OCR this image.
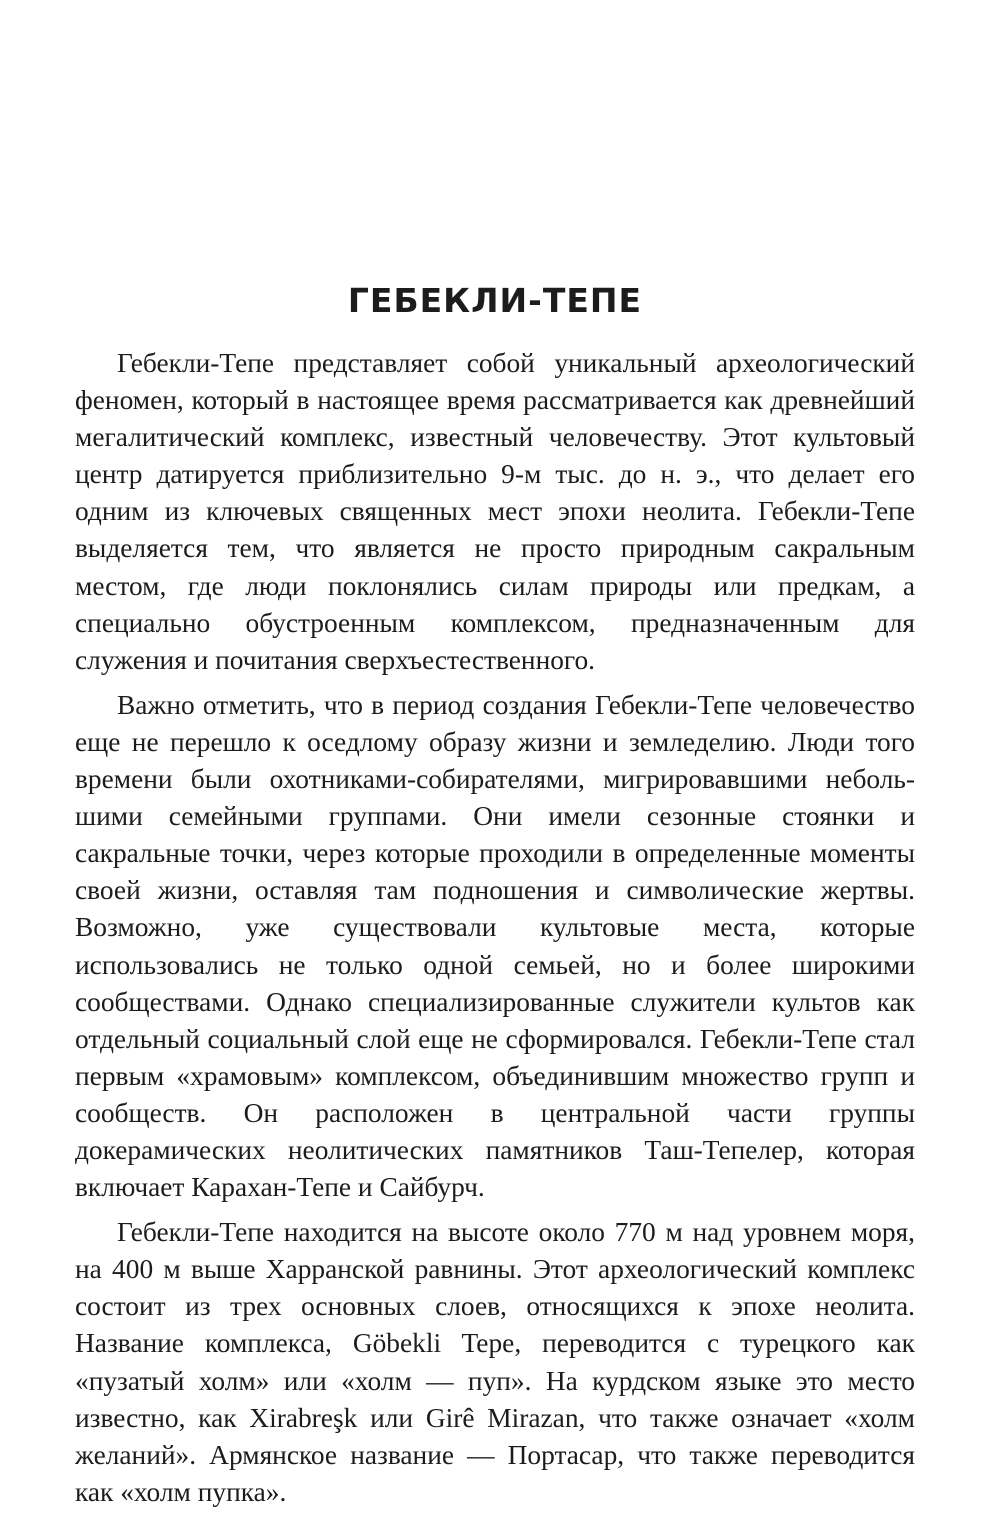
ГЕБЕКЛИ-ТЕПЕ

Гебекли-Тепе представляет собой уникальный археологический феномен, который в настоящее время рассматривается как древнейший мегалитический комплекс, известный человечеству. Этот культовый центр датируется приблизительно 9-м тыс. до н. э., что делает его одним из ключевых священных мест эпохи неолита. Гебекли-Тепе выделяется тем, что является не просто природным сакральным местом, где люди поклонялись силам природы или предкам, а специально обустроенным комплексом, предназначенным для служения и почитания сверхъестественного.

Важно отметить, что в период создания Гебекли-Тепе человечество еще не перешло к оседлому образу жизни и земледелию. Люди того времени были охотниками-собирателями, мигрировавшими небольшими семейными группами. Они имели сезонные стоянки и сакральные точки, через которые проходили в определенные моменты своей жизни, оставляя там подношения и символические жертвы. Возможно, уже существовали культовые места, которые использовались не только одной семьей, но и более широкими сообществами. Однако специализированные служители культов как отдельный социальный слой еще не сформировался. Гебекли-Тепе стал первым «храмовым» комплексом, объединившим множество групп и сообществ. Он расположен в центральной части группы докерамических неолитических памятников Таш-Тепелер, которая включает Карахан-Тепе и Сайбурч.

Гебекли-Тепе находится на высоте около 770 м над уровнем моря, на 400 м выше Харранской равнины. Этот археологический комплекс состоит из трех основных слоев, относящихся к эпохе неолита. Название комплекса, Göbekli Tepe, переводится с турецкого как «пузатый холм» или «холм — пуп». На курдском языке это место известно, как Xirabreşk или Girê Mirazan, что также означает «холм желаний». Армянское название — Портасар, что также переводится как «холм пупка».
